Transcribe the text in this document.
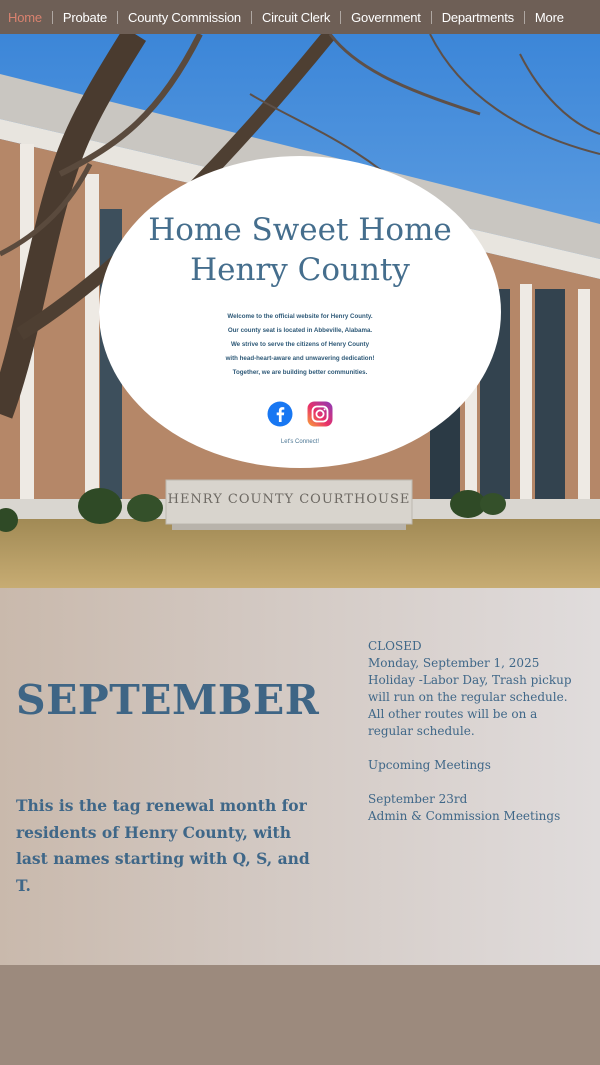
Home Probate County Commission Circuit Clerk Government Departments More
HENRY COUNTY COURTHOUSE
Home Sweet Home
Henry County
Welcome to the official website for Henry County.
Our county seat is located in Abbeville, Alabama.
We strive to serve the citizens of Henry County
with head-heart-aware and unwavering dedication!
Together, we are building better communities.
Let's Connect!
SEPTEMBER
This is the tag renewal month for residents of Henry County, with last names starting with Q, S, and T.

CLOSED

Monday, September 1, 2025

Holiday -Labor Day, Trash pickup will run on the regular schedule. All other routes will be on a regular schedule.

Upcoming Meetings

September 23rd

Admin & Commission Meetings
